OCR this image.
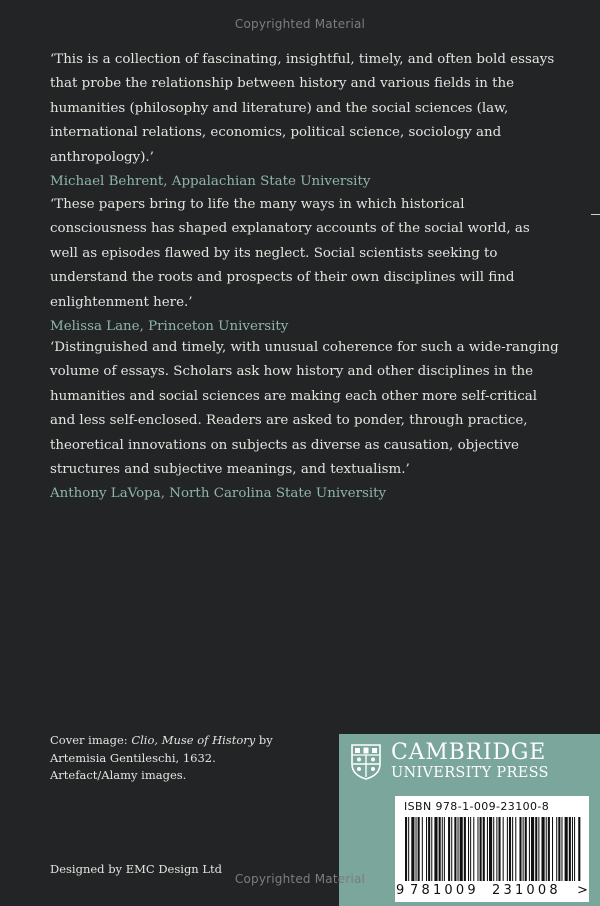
Copyrighted Material

‘This is a collection of fascinating, insightful, timely, and often bold essays that probe the relationship between history and various fields in the humanities (philosophy and literature) and the social sciences (law, international relations, economics, political science, sociology and anthropology).’

Michael Behrent, Appalachian State University

‘These papers bring to life the many ways in which historical consciousness has shaped explanatory accounts of the social world, as well as episodes flawed by its neglect. Social scientists seeking to understand the roots and prospects of their own disciplines will find enlightenment here.’

Melissa Lane, Princeton University

‘Distinguished and timely, with unusual coherence for such a wide-ranging volume of essays. Scholars ask how history and other disciplines in the humanities and social sciences are making each other more self-critical and less self-enclosed. Readers are asked to ponder, through practice, theoretical innovations on subjects as diverse as causation, objective structures and subjective meanings, and textualism.’

Anthony LaVopa, North Carolina State University

Cover image: Clio, Muse of History by

Artemisia Gentileschi, 1632.

Artefact/Alamy images.

Designed by EMC Design Ltd
CAMBRIDGE
UNIVERSITY PRESS
ISBN 978-1-009-23100-8
9 781009 231008 >
Copyrighted Material
